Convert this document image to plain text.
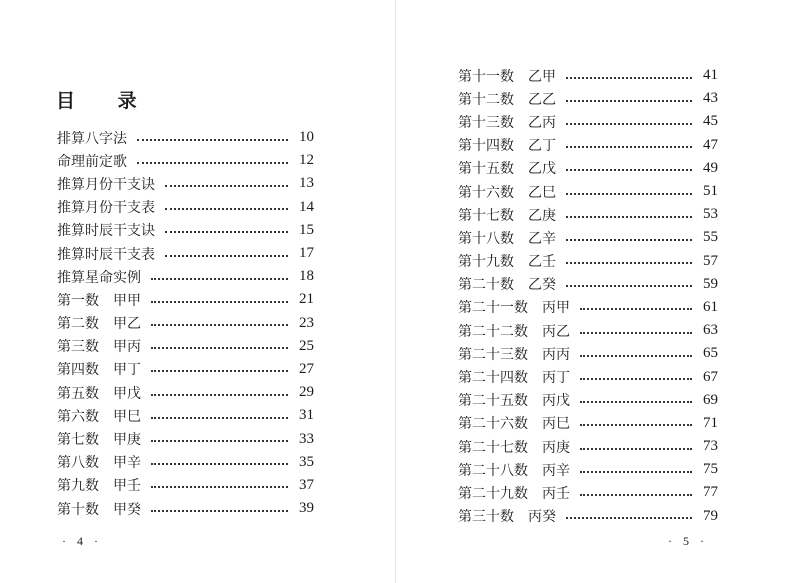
目 录
排算八字法	10
命理前定歌	12
推算月份干支诀	13
推算月份干支表	14
推算时辰干支诀	15
推算时辰干支表	17
推算星命实例	18
第一数 甲甲	21
第二数 甲乙	23
第三数 甲丙	25
第四数 甲丁	27
第五数 甲戊	29
第六数 甲巳	31
第七数 甲庚	33
第八数 甲辛	35
第九数 甲壬	37
第十数 甲癸	39
· 4 ·
第十一数 乙甲	41
第十二数 乙乙	43
第十三数 乙丙	45
第十四数 乙丁	47
第十五数 乙戊	49
第十六数 乙巳	51
第十七数 乙庚	53
第十八数 乙辛	55
第十九数 乙壬	57
第二十数 乙癸	59
第二十一数 丙甲	61
第二十二数 丙乙	63
第二十三数 丙丙	65
第二十四数 丙丁	67
第二十五数 丙戊	69
第二十六数 丙巳	71
第二十七数 丙庚	73
第二十八数 丙辛	75
第二十九数 丙壬	77
第三十数 丙癸	79
· 5 ·
